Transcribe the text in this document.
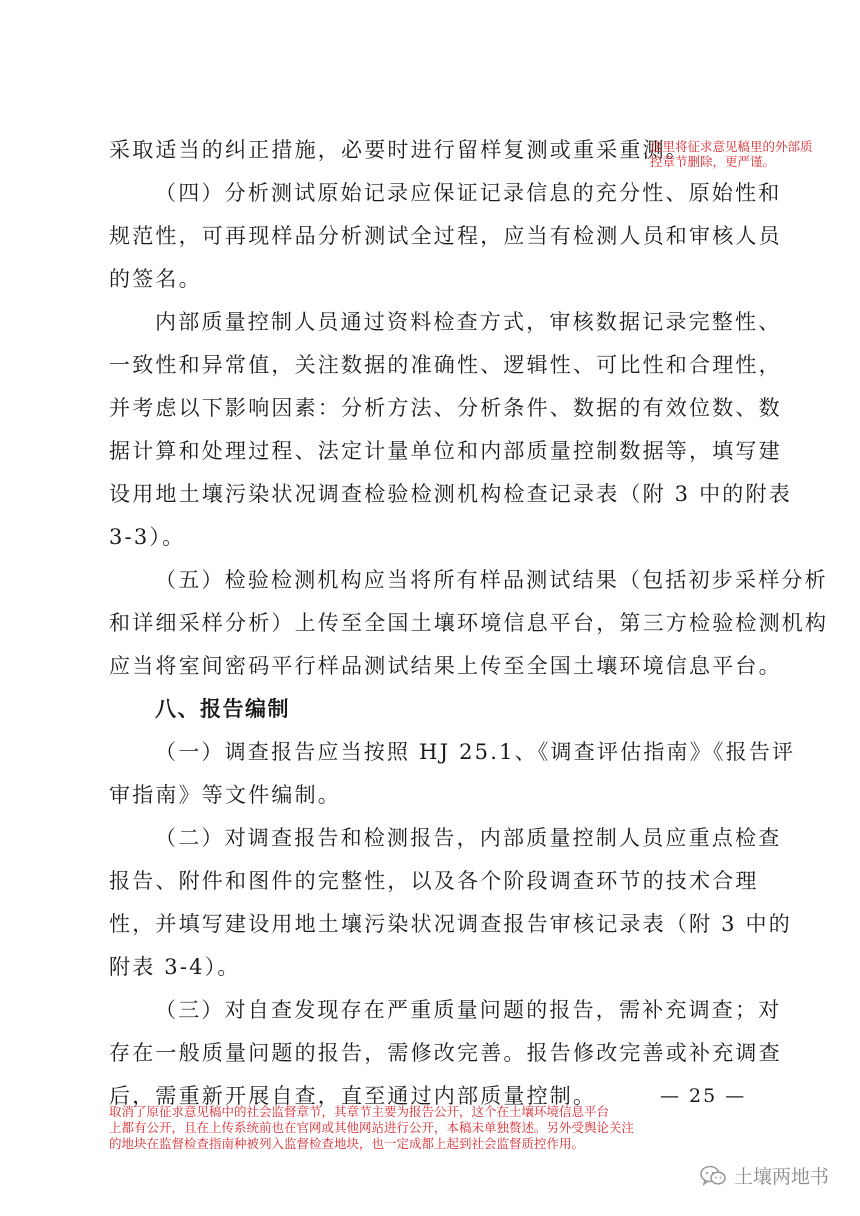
采取适当的纠正措施，必要时进行留样复测或重采重测。
（四）分析测试原始记录应保证记录信息的充分性、原始性和
规范性，可再现样品分析测试全过程，应当有检测人员和审核人员
的签名。
内部质量控制人员通过资料检查方式，审核数据记录完整性、
一致性和异常值，关注数据的准确性、逻辑性、可比性和合理性，
并考虑以下影响因素：分析方法、分析条件、数据的有效位数、数
据计算和处理过程、法定计量单位和内部质量控制数据等，填写建
设用地土壤污染状况调查检验检测机构检查记录表（附 3 中的附表
3-3）。
（五）检验检测机构应当将所有样品测试结果（包括初步采样分析
和详细采样分析）上传至全国土壤环境信息平台，第三方检验检测机构
应当将室间密码平行样品测试结果上传至全国土壤环境信息平台。
八、报告编制
（一）调查报告应当按照 HJ 25.1、《调查评估指南》《报告评
审指南》等文件编制。
（二）对调查报告和检测报告，内部质量控制人员应重点检查
报告、附件和图件的完整性，以及各个阶段调查环节的技术合理
性，并填写建设用地土壤污染状况调查报告审核记录表（附 3 中的
附表 3-4）。
（三）对自查发现存在严重质量问题的报告，需补充调查；对
存在一般质量问题的报告，需修改完善。报告修改完善或补充调查
后，需重新开展自查，直至通过内部质量控制。
这里将征求意见稿里的外部质
控章节删除，更严谨。
— 25 —
取消了原征求意见稿中的社会监督章节，其章节主要为报告公开，这个在土壤环境信息平台
上都有公开，且在上传系统前也在官网或其他网站进行公开，本稿未单独赘述。另外受舆论关注
的地块在监督检查指南种被列入监督检查地块，也一定成都上起到社会监督质控作用。
土壤两地书
